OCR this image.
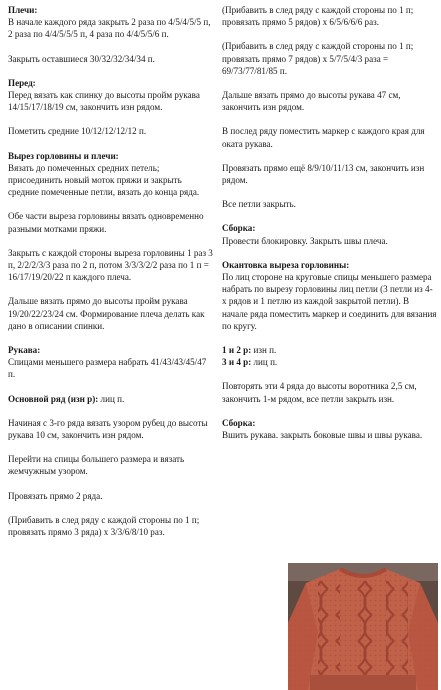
Плечи:

В начале каждого ряда закрыть 2 раза по 4/5/4/5/5 п, 2 раза по 4/4/5/5/5 п, 4 раза по 4/4/5/5/6 п.

Закрыть оставшиеся 30/32/32/34/34 п.

Перед:

Перед вязать как спинку до высоты пройм рукава 14/15/17/18/19 см, закончить изн рядом.

Пометить средние 10/12/12/12/12 п.

Вырез горловины и плечи:

Вязать до помеченных средних петель; присоединить новый моток пряжи и закрыть средние помеченные петли, вязать до конца ряда.

Обе части выреза горловины вязать одновременно разными мотками пряжи.

Закрыть с каждой стороны выреза горловины 1 раз 3 п, 2/2/2/3/3 раза по 2 п, потом 3/3/3/2/2 раза по 1 п = 16/17/19/20/22 п каждого плеча.

Дальше вязать прямо до высоты пройм рукава 19/20/22/23/24 см. Формирование плеча делать как дано в описании спинки.

Рукава:

Спицами меньшего размера набрать 41/43/43/45/47 п.

Основной ряд (изн р): лиц п.

Начиная с 3-го ряда вязать узором рубец до высоты рукава 10 см, закончить изн рядом.

Перейти на спицы большего размера и вязать жемчужным узором.

Провязать прямо 2 ряда.

(Прибавить в след ряду с каждой стороны по 1 п; провязать прямо 3 ряда) х 3/3/6/8/10 раз.

(Прибавить в след ряду с каждой стороны по 1 п; провязать прямо 5 рядов) х 6/5/6/6/6 раз.

(Прибавить в след ряду с каждой стороны по 1 п; провязать прямо 7 рядов) х 5/7/5/4/3 раза = 69/73/77/81/85 п.

Дальше вязать прямо до высоты рукава 47 см, закончить изн рядом.

В послед ряду поместить маркер с каждого края для оката рукава.

Провязать прямо ещё 8/9/10/11/13 см, закончить изн рядом.

Все петли закрыть.

Сборка:

Провести блокировку. Закрыть швы плеча.

Окантовка выреза горловины:

По лиц стороне на круговые спицы меньшего размера набрать по вырезу горловины лиц петли (3 петли из 4-х рядов и 1 петлю из каждой закрытой петли). В начале ряда поместить маркер и соединить для вязания по кругу.

1 и 2 р: изн п.

3 и 4 р: лиц п.

Повторять эти 4 ряда до высоты воротника 2,5 см, закончить 1-м рядом, все петли закрыть изн.

Сборка:

Вшить рукава. закрыть боковые швы и швы рукава.
